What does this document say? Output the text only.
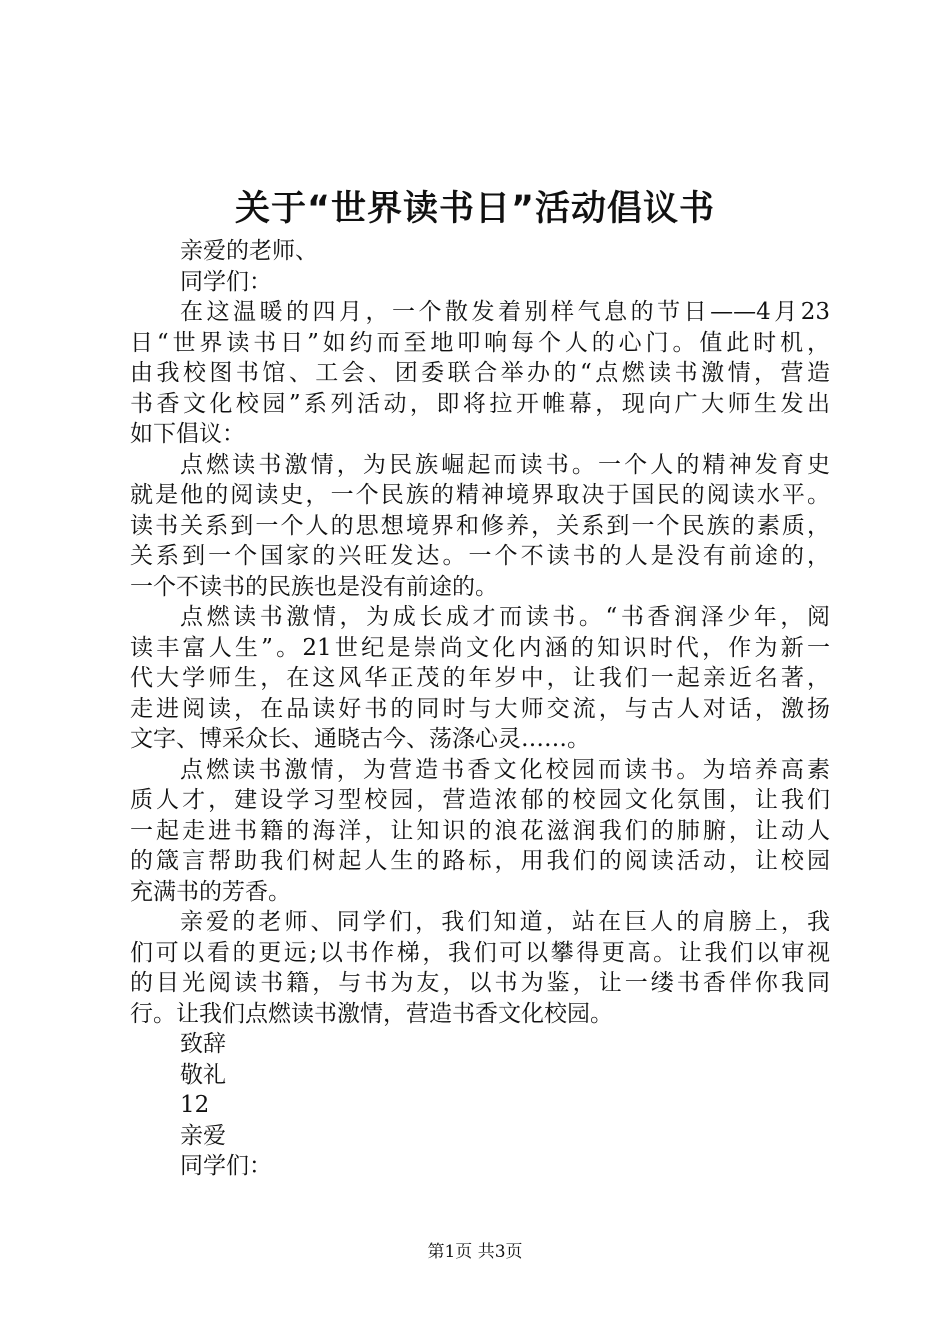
关于“世界读书日”活动倡议书
亲爱的老师、
同学们：
在这温暖的四月，一个散发着别样气息的节日——4月23
日“世界读书日”如约而至地叩响每个人的心门。值此时机，
由我校图书馆、工会、团委联合举办的“点燃读书激情，营造
书香文化校园”系列活动，即将拉开帷幕，现向广大师生发出
如下倡议：
点燃读书激情，为民族崛起而读书。一个人的精神发育史
就是他的阅读史，一个民族的精神境界取决于国民的阅读水平。
读书关系到一个人的思想境界和修养，关系到一个民族的素质，
关系到一个国家的兴旺发达。一个不读书的人是没有前途的，
一个不读书的民族也是没有前途的。
点燃读书激情，为成长成才而读书。“书香润泽少年，阅
读丰富人生”。21世纪是崇尚文化内涵的知识时代，作为新一
代大学师生，在这风华正茂的年岁中，让我们一起亲近名著，
走进阅读，在品读好书的同时与大师交流，与古人对话，激扬
文字、博采众长、通晓古今、荡涤心灵……。
点燃读书激情，为营造书香文化校园而读书。为培养高素
质人才，建设学习型校园，营造浓郁的校园文化氛围，让我们
一起走进书籍的海洋，让知识的浪花滋润我们的肺腑，让动人
的箴言帮助我们树起人生的路标，用我们的阅读活动，让校园
充满书的芳香。
亲爱的老师、同学们，我们知道，站在巨人的肩膀上，我
们可以看的更远;以书作梯，我们可以攀得更高。让我们以审视
的目光阅读书籍，与书为友，以书为鉴，让一缕书香伴你我同
行。让我们点燃读书激情，营造书香文化校园。
致辞
敬礼
12
亲爱
同学们：
第1页 共3页
